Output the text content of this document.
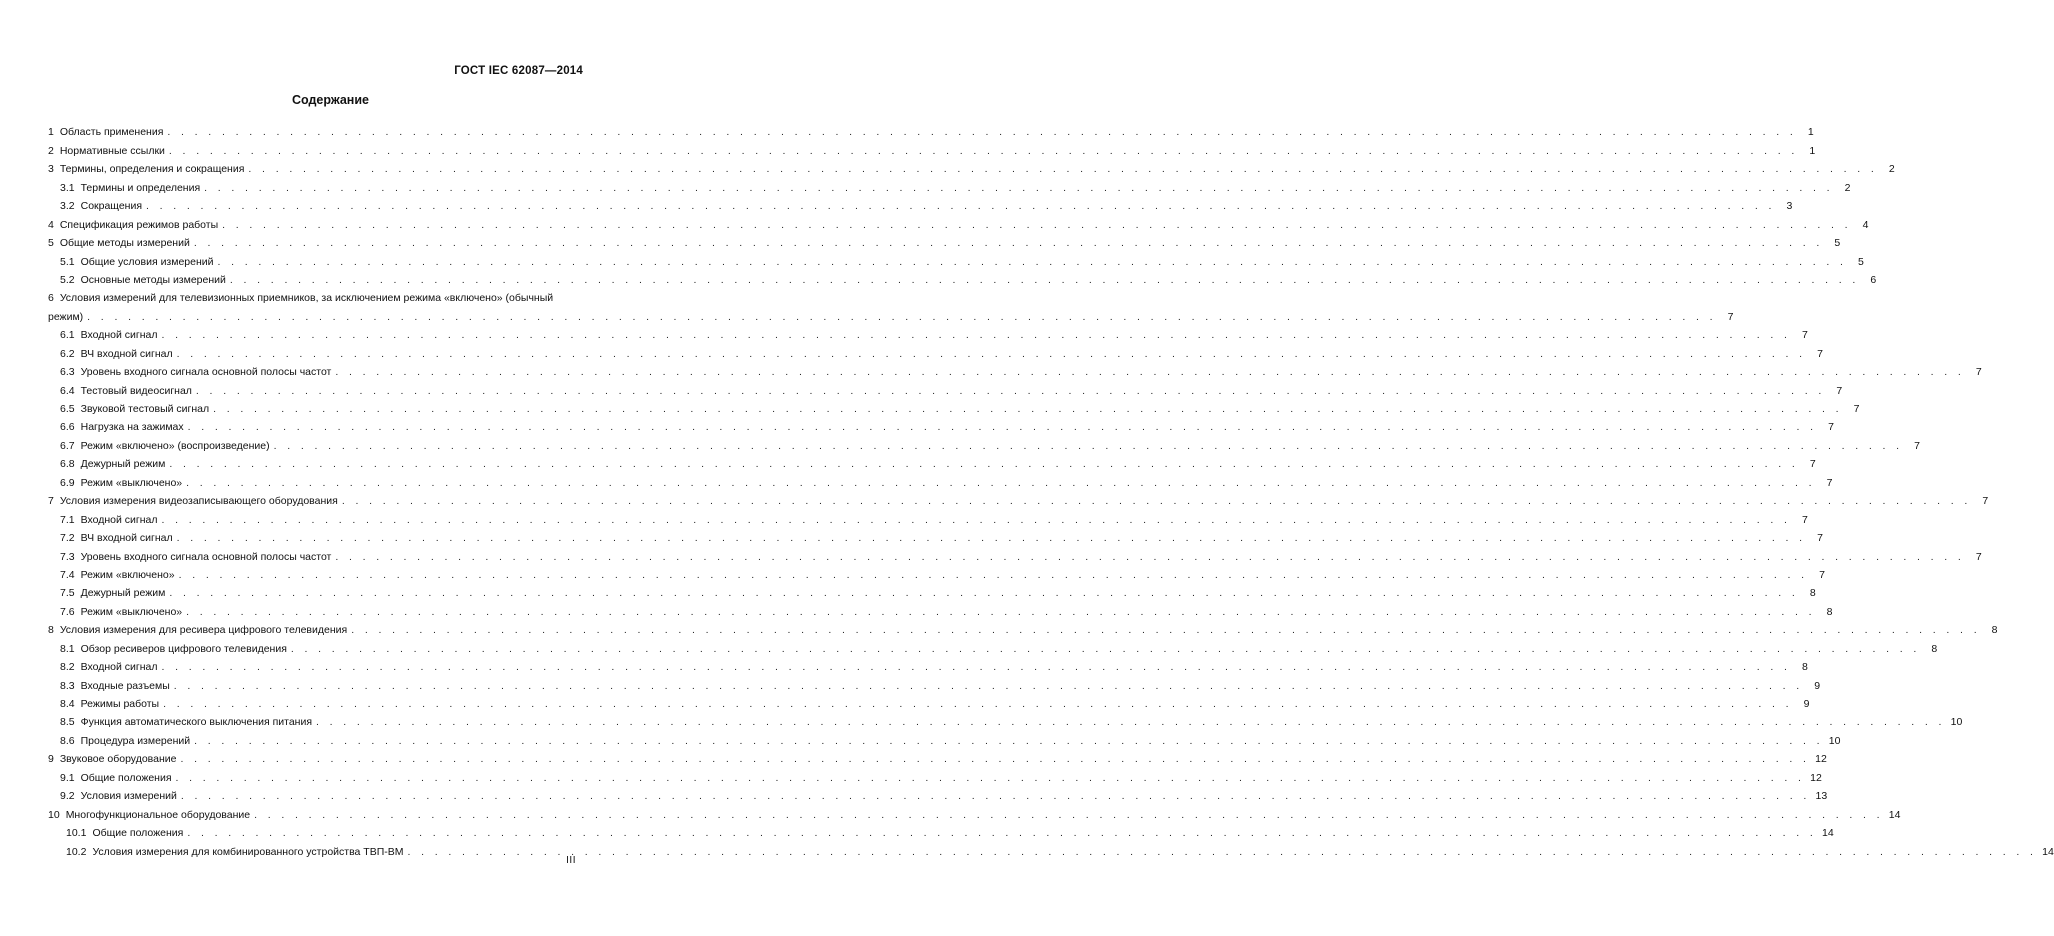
ГОСТ IEC 62087—2014
Содержание
1 Область применения . . . . . . . . . . . . . . . . . . . . . . . . . . . . . . . . . . . . . . . . . . . . . . . . . . . . . . . . . . . . . . . . . . . . . . . . . . . . . . . . . . . . . . . . . . . . . . . . . . . . . . . . . . . . . . . . . . . . . . . .	1
2 Нормативные ссылки . . . . . . . . . . . . . . . . . . . . . . . . . . . . . . . . . . . . . . . . . . . . . . . . . . . . . . . . . . . . . . . . . . . . . . . . . . . . . . . . . . . . . . . . . . . . . . . . . . . . . . . . . . . . . . . . . . . . . . . .	1
3 Термины, определения и сокращения . . . . . . . . . . . . . . . . . . . . . . . . . . . . . . . . . . . . . . . . . . . . . . . . . . . . . . . . . . . . . . . . . . . . . . . . . . . . . . . . . . . . . . . . . . . . . . . . . . . . . . . . . . . . . . . . . . . . . . . .	2
3.1 Термины и определения . . . . . . . . . . . . . . . . . . . . . . . . . . . . . . . . . . . . . . . . . . . . . . . . . . . . . . . . . . . . . . . . . . . . . . . . . . . . . . . . . . . . . . . . . . . . . . . . . . . . . . . . . . . . . . . . . . . . . . . .	2
3.2 Сокращения . . . . . . . . . . . . . . . . . . . . . . . . . . . . . . . . . . . . . . . . . . . . . . . . . . . . . . . . . . . . . . . . . . . . . . . . . . . . . . . . . . . . . . . . . . . . . . . . . . . . . . . . . . . . . . . . . . . . . . . .	3
4 Спецификация режимов работы . . . . . . . . . . . . . . . . . . . . . . . . . . . . . . . . . . . . . . . . . . . . . . . . . . . . . . . . . . . . . . . . . . . . . . . . . . . . . . . . . . . . . . . . . . . . . . . . . . . . . . . . . . . . . . . . . . . . . . . .	4
5 Общие методы измерений . . . . . . . . . . . . . . . . . . . . . . . . . . . . . . . . . . . . . . . . . . . . . . . . . . . . . . . . . . . . . . . . . . . . . . . . . . . . . . . . . . . . . . . . . . . . . . . . . . . . . . . . . . . . . . . . . . . . . . . .	5
5.1 Общие условия измерений . . . . . . . . . . . . . . . . . . . . . . . . . . . . . . . . . . . . . . . . . . . . . . . . . . . . . . . . . . . . . . . . . . . . . . . . . . . . . . . . . . . . . . . . . . . . . . . . . . . . . . . . . . . . . . . . . . . . . . . .	5
5.2 Основные методы измерений . . . . . . . . . . . . . . . . . . . . . . . . . . . . . . . . . . . . . . . . . . . . . . . . . . . . . . . . . . . . . . . . . . . . . . . . . . . . . . . . . . . . . . . . . . . . . . . . . . . . . . . . . . . . . . . . . . . . . . . .	6
6 Условия измерений для телевизионных приемников, за исключением режима «включено» (обычный
режим) . . . . . . . . . . . . . . . . . . . . . . . . . . . . . . . . . . . . . . . . . . . . . . . . . . . . . . . . . . . . . . . . . . . . . . . . . . . . . . . . . . . . . . . . . . . . . . . . . . . . . . . . . . . . . . . . . . . . . . . .	7
6.1 Входной сигнал . . . . . . . . . . . . . . . . . . . . . . . . . . . . . . . . . . . . . . . . . . . . . . . . . . . . . . . . . . . . . . . . . . . . . . . . . . . . . . . . . . . . . . . . . . . . . . . . . . . . . . . . . . . . . . . . . . . . . . . .	7
6.2 ВЧ входной сигнал . . . . . . . . . . . . . . . . . . . . . . . . . . . . . . . . . . . . . . . . . . . . . . . . . . . . . . . . . . . . . . . . . . . . . . . . . . . . . . . . . . . . . . . . . . . . . . . . . . . . . . . . . . . . . . . . . . . . . . . .	7
6.3 Уровень входного сигнала основной полосы частот . . . . . . . . . . . . . . . . . . . . . . . . . . . . . . . . . . . . . . . . . . . . . . . . . . . . . . . . . . . . . . . . . . . . . . . . . . . . . . . . . . . . . . . . . . . . . . . . . . . . . . . . . . . . . . . . . . . . . . . .	7
6.4 Тестовый видеосигнал . . . . . . . . . . . . . . . . . . . . . . . . . . . . . . . . . . . . . . . . . . . . . . . . . . . . . . . . . . . . . . . . . . . . . . . . . . . . . . . . . . . . . . . . . . . . . . . . . . . . . . . . . . . . . . . . . . . . . . . .	7
6.5 Звуковой тестовый сигнал . . . . . . . . . . . . . . . . . . . . . . . . . . . . . . . . . . . . . . . . . . . . . . . . . . . . . . . . . . . . . . . . . . . . . . . . . . . . . . . . . . . . . . . . . . . . . . . . . . . . . . . . . . . . . . . . . . . . . . . .	7
6.6 Нагрузка на зажимах . . . . . . . . . . . . . . . . . . . . . . . . . . . . . . . . . . . . . . . . . . . . . . . . . . . . . . . . . . . . . . . . . . . . . . . . . . . . . . . . . . . . . . . . . . . . . . . . . . . . . . . . . . . . . . . . . . . . . . . .	7
6.7 Режим «включено» (воспроизведение) . . . . . . . . . . . . . . . . . . . . . . . . . . . . . . . . . . . . . . . . . . . . . . . . . . . . . . . . . . . . . . . . . . . . . . . . . . . . . . . . . . . . . . . . . . . . . . . . . . . . . . . . . . . . . . . . . . . . . . . .	7
6.8 Дежурный режим . . . . . . . . . . . . . . . . . . . . . . . . . . . . . . . . . . . . . . . . . . . . . . . . . . . . . . . . . . . . . . . . . . . . . . . . . . . . . . . . . . . . . . . . . . . . . . . . . . . . . . . . . . . . . . . . . . . . . . . .	7
6.9 Режим «выключено» . . . . . . . . . . . . . . . . . . . . . . . . . . . . . . . . . . . . . . . . . . . . . . . . . . . . . . . . . . . . . . . . . . . . . . . . . . . . . . . . . . . . . . . . . . . . . . . . . . . . . . . . . . . . . . . . . . . . . . . .	7
7 Условия измерения видеозаписывающего оборудования . . . . . . . . . . . . . . . . . . . . . . . . . . . . . . . . . . . . . . . . . . . . . . . . . . . . . . . . . . . . . . . . . . . . . . . . . . . . . . . . . . . . . . . . . . . . . . . . . . . . . . . . . . . . . . . . . . . . . . . .	7
7.1 Входной сигнал . . . . . . . . . . . . . . . . . . . . . . . . . . . . . . . . . . . . . . . . . . . . . . . . . . . . . . . . . . . . . . . . . . . . . . . . . . . . . . . . . . . . . . . . . . . . . . . . . . . . . . . . . . . . . . . . . . . . . . . .	7
7.2 ВЧ входной сигнал . . . . . . . . . . . . . . . . . . . . . . . . . . . . . . . . . . . . . . . . . . . . . . . . . . . . . . . . . . . . . . . . . . . . . . . . . . . . . . . . . . . . . . . . . . . . . . . . . . . . . . . . . . . . . . . . . . . . . . . .	7
7.3 Уровень входного сигнала основной полосы частот . . . . . . . . . . . . . . . . . . . . . . . . . . . . . . . . . . . . . . . . . . . . . . . . . . . . . . . . . . . . . . . . . . . . . . . . . . . . . . . . . . . . . . . . . . . . . . . . . . . . . . . . . . . . . . . . . . . . . . . .	7
7.4 Режим «включено» . . . . . . . . . . . . . . . . . . . . . . . . . . . . . . . . . . . . . . . . . . . . . . . . . . . . . . . . . . . . . . . . . . . . . . . . . . . . . . . . . . . . . . . . . . . . . . . . . . . . . . . . . . . . . . . . . . . . . . . .	7
7.5 Дежурный режим . . . . . . . . . . . . . . . . . . . . . . . . . . . . . . . . . . . . . . . . . . . . . . . . . . . . . . . . . . . . . . . . . . . . . . . . . . . . . . . . . . . . . . . . . . . . . . . . . . . . . . . . . . . . . . . . . . . . . . . .	8
7.6 Режим «выключено» . . . . . . . . . . . . . . . . . . . . . . . . . . . . . . . . . . . . . . . . . . . . . . . . . . . . . . . . . . . . . . . . . . . . . . . . . . . . . . . . . . . . . . . . . . . . . . . . . . . . . . . . . . . . . . . . . . . . . . . .	8
8 Условия измерения для ресивера цифрового телевидения . . . . . . . . . . . . . . . . . . . . . . . . . . . . . . . . . . . . . . . . . . . . . . . . . . . . . . . . . . . . . . . . . . . . . . . . . . . . . . . . . . . . . . . . . . . . . . . . . . . . . . . . . . . . . . . . . . . . . . . .	8
8.1 Обзор ресиверов цифрового телевидения . . . . . . . . . . . . . . . . . . . . . . . . . . . . . . . . . . . . . . . . . . . . . . . . . . . . . . . . . . . . . . . . . . . . . . . . . . . . . . . . . . . . . . . . . . . . . . . . . . . . . . . . . . . . . . . . . . . . . . . .	8
8.2 Входной сигнал . . . . . . . . . . . . . . . . . . . . . . . . . . . . . . . . . . . . . . . . . . . . . . . . . . . . . . . . . . . . . . . . . . . . . . . . . . . . . . . . . . . . . . . . . . . . . . . . . . . . . . . . . . . . . . . . . . . . . . . .	8
8.3 Входные разъемы . . . . . . . . . . . . . . . . . . . . . . . . . . . . . . . . . . . . . . . . . . . . . . . . . . . . . . . . . . . . . . . . . . . . . . . . . . . . . . . . . . . . . . . . . . . . . . . . . . . . . . . . . . . . . . . . . . . . . . . .	9
8.4 Режимы работы . . . . . . . . . . . . . . . . . . . . . . . . . . . . . . . . . . . . . . . . . . . . . . . . . . . . . . . . . . . . . . . . . . . . . . . . . . . . . . . . . . . . . . . . . . . . . . . . . . . . . . . . . . . . . . . . . . . . . . . .	9
8.5 Функция автоматического выключения питания . . . . . . . . . . . . . . . . . . . . . . . . . . . . . . . . . . . . . . . . . . . . . . . . . . . . . . . . . . . . . . . . . . . . . . . . . . . . . . . . . . . . . . . . . . . . . . . . . . . . . . . . . . . . . . . . . . . . . . . . 10
8.6 Процедура измерений . . . . . . . . . . . . . . . . . . . . . . . . . . . . . . . . . . . . . . . . . . . . . . . . . . . . . . . . . . . . . . . . . . . . . . . . . . . . . . . . . . . . . . . . . . . . . . . . . . . . . . . . . . . . . . . . . . . . . . . . 10
9 Звуковое оборудование . . . . . . . . . . . . . . . . . . . . . . . . . . . . . . . . . . . . . . . . . . . . . . . . . . . . . . . . . . . . . . . . . . . . . . . . . . . . . . . . . . . . . . . . . . . . . . . . . . . . . . . . . . . . . . . . . . . . . . . . 12
9.1 Общие положения . . . . . . . . . . . . . . . . . . . . . . . . . . . . . . . . . . . . . . . . . . . . . . . . . . . . . . . . . . . . . . . . . . . . . . . . . . . . . . . . . . . . . . . . . . . . . . . . . . . . . . . . . . . . . . . . . . . . . . . . 12
9.2 Условия измерений . . . . . . . . . . . . . . . . . . . . . . . . . . . . . . . . . . . . . . . . . . . . . . . . . . . . . . . . . . . . . . . . . . . . . . . . . . . . . . . . . . . . . . . . . . . . . . . . . . . . . . . . . . . . . . . . . . . . . . . . 13
10 Многофункциональное оборудование . . . . . . . . . . . . . . . . . . . . . . . . . . . . . . . . . . . . . . . . . . . . . . . . . . . . . . . . . . . . . . . . . . . . . . . . . . . . . . . . . . . . . . . . . . . . . . . . . . . . . . . . . . . . . . . . . . . . . . . . 14
10.1 Общие положения . . . . . . . . . . . . . . . . . . . . . . . . . . . . . . . . . . . . . . . . . . . . . . . . . . . . . . . . . . . . . . . . . . . . . . . . . . . . . . . . . . . . . . . . . . . . . . . . . . . . . . . . . . . . . . . . . . . . . . . . 14
10.2 Условия измерения для комбинированного устройства ТВП-ВМ . . . . . . . . . . . . . . . . . . . . . . . . . . . . . . . . . . . . . . . . . . . . . . . . . . . . . . . . . . . . . . . . . . . . . . . . . . . . . . . . . . . . . . . . . . . . . . . . . . . . . . . . . . . . . . . . . . . . . . . . 14
III
